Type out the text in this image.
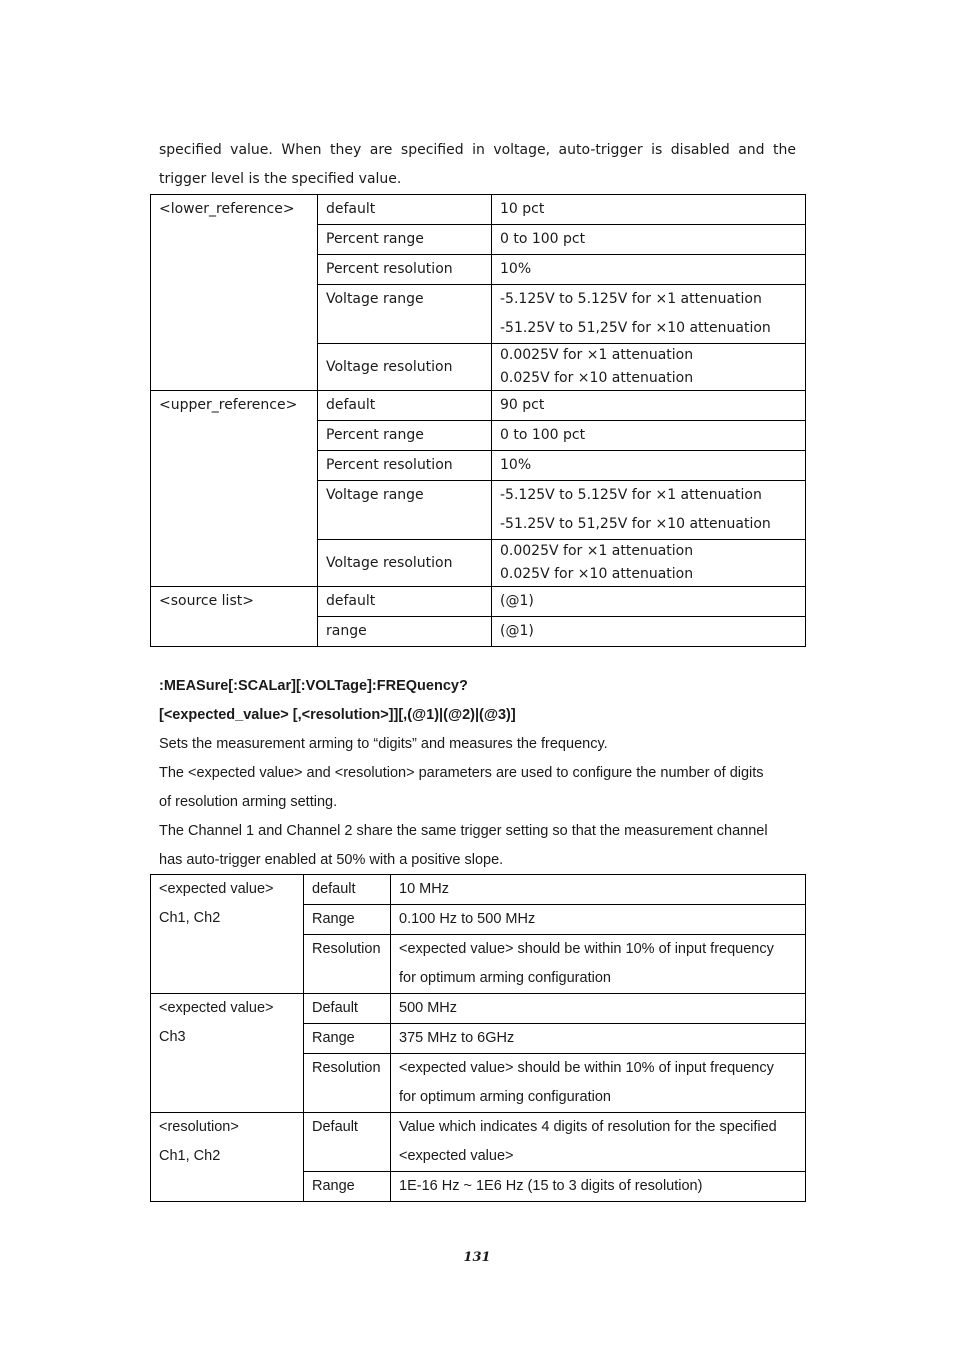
specified value. When they are specified in voltage, auto-trigger is disabled and the

trigger level is the specified value.

<lower_reference>	default	10 pct
	Percent range	0 to 100 pct
	Percent resolution	10%
	Voltage range	-5.125V to 5.125V for ×1 attenuation
-51.25V to 51,25V for ×10 attenuation

	Voltage resolution	0.0025V for ×1 attenuation
0.025V for ×10 attenuation

<upper_reference>	default	90 pct
	Percent range	0 to 100 pct
	Percent resolution	10%
	Voltage range	-5.125V to 5.125V for ×1 attenuation
-51.25V to 51,25V for ×10 attenuation

	Voltage resolution	0.0025V for ×1 attenuation
0.025V for ×10 attenuation

<source list>	default	(@1)
	range	(@1)

:MEASure[:SCALar][:VOLTage]:FREQuency?

[<expected_value> [,<resolution>]][,(@1)|(@2)|(@3)]

Sets the measurement arming to “digits” and measures the frequency.

The <expected value> and <resolution> parameters are used to configure the number of digits

of resolution arming setting.

The Channel 1 and Channel 2 share the same trigger setting so that the measurement channel

has auto-trigger enabled at 50% with a positive slope.

<expected value>
Ch1, Ch2	default	10 MHz
	Range	0.100 Hz to 500 MHz
	Resolution	<expected value> should be within 10% of input frequency
for optimum arming configuration

<expected value>
Ch3	Default	500 MHz
	Range	375 MHz to 6GHz
	Resolution	<expected value> should be within 10% of input frequency
for optimum arming configuration

<resolution>
Ch1, Ch2	Default	Value which indicates 4 digits of resolution for the specified
<expected value>

	Range	1E-16 Hz ~ 1E6 Hz (15 to 3 digits of resolution)
131
